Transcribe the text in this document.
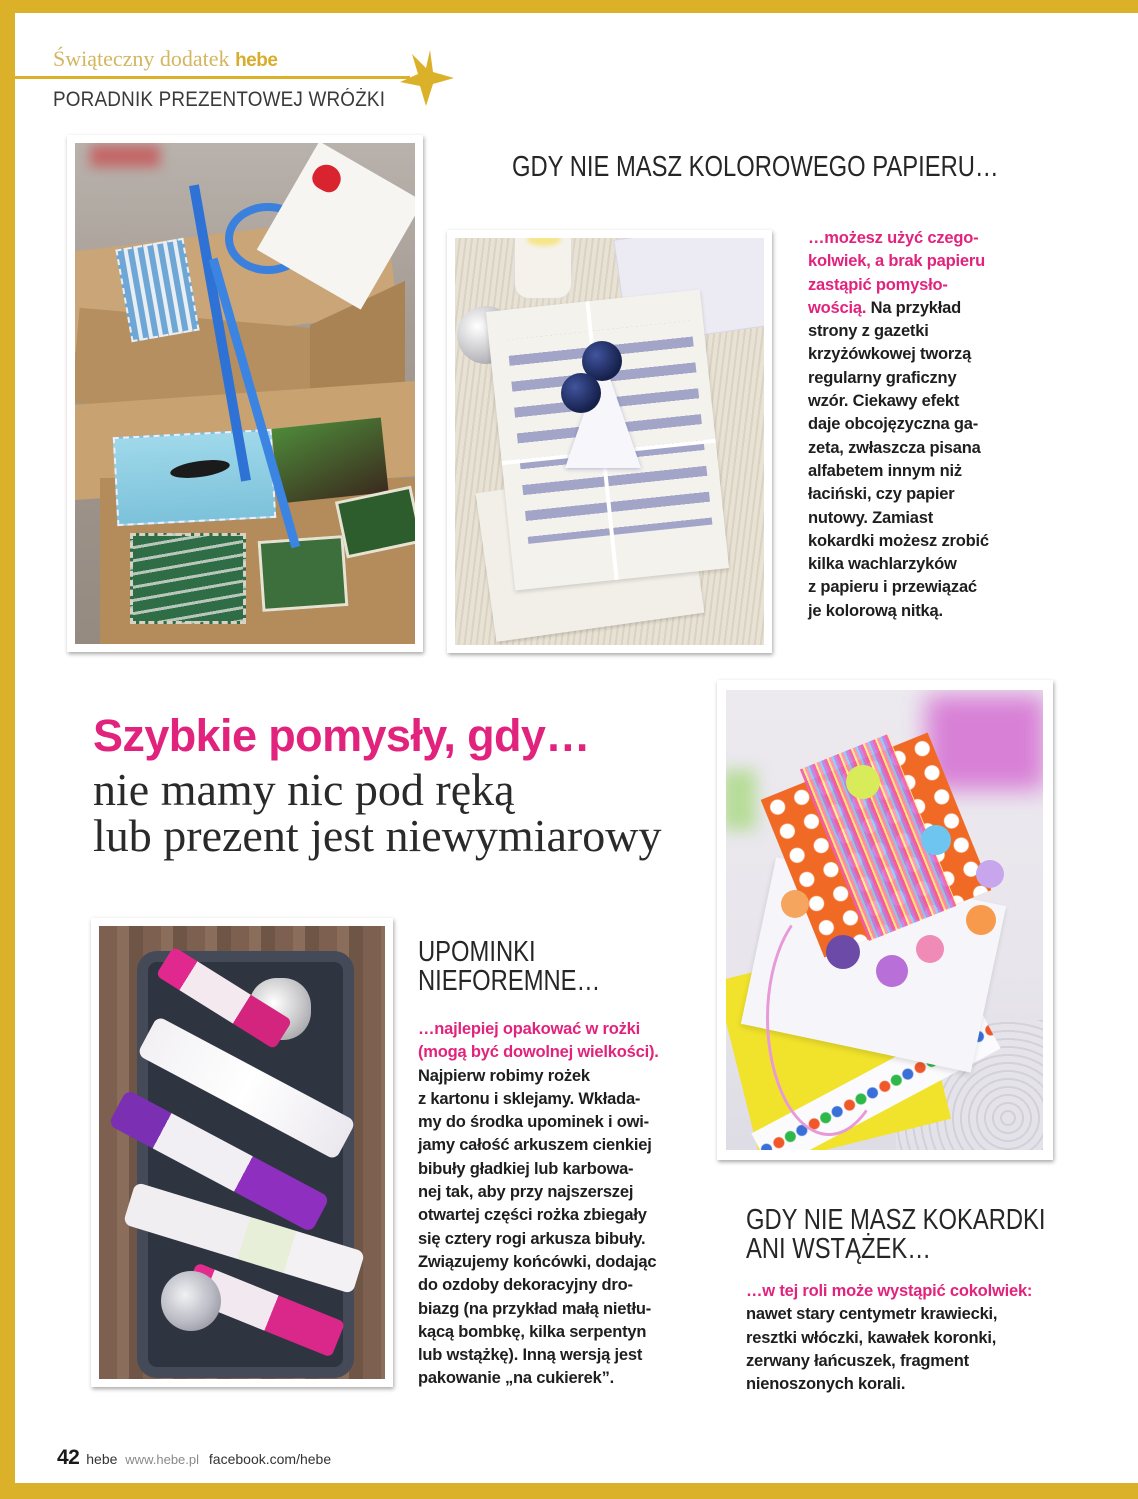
Świąteczny dodatek hebe
PORADNIK PREZENTOWEJ WRÓŻKI
GDY NIE MASZ KOLOROWEGO PAPIERU…
…możesz użyć czego-
kolwiek, a brak papieru
zastąpić pomysło-
wością. Na przykład
strony z gazetki
krzyżówkowej tworzą
regularny graficzny
wzór. Ciekawy efekt
daje obcojęzyczna ga-
zeta, zwłaszcza pisana
alfabetem innym niż
łaciński, czy papier
nutowy. Zamiast
kokardki możesz zrobić
kilka wachlarzyków
z papieru i przewiązać
je kolorową nitką.
Szybkie pomysły, gdy…
nie mamy nic pod ręką
lub prezent jest niewymiarowy
UPOMINKI
NIEFOREMNE…
…najlepiej opakować w rożki
(mogą być dowolnej wielkości).
Najpierw robimy rożek
z kartonu i sklejamy. Wkłada-
my do środka upominek i owi-
jamy całość arkuszem cienkiej
bibuły gładkiej lub karbowa-
nej tak, aby przy najszerszej
otwartej części rożka zbiegały
się cztery rogi arkusza bibuły.
Związujemy końcówki, dodając
do ozdoby dekoracyjny dro-
biazg (na przykład małą nietłu-
kącą bombkę, kilka serpentyn
lub wstążkę). Inną wersją jest
pakowanie „na cukierek”.
GDY NIE MASZ KOKARDKI
ANI WSTĄŻEK…
…w tej roli może wystąpić cokolwiek:
nawet stary centymetr krawiecki,
resztki włóczki, kawałek koronki,
zerwany łańcuszek, fragment
nienoszonych korali.
42 hebe www.hebe.pl facebook.com/hebe
